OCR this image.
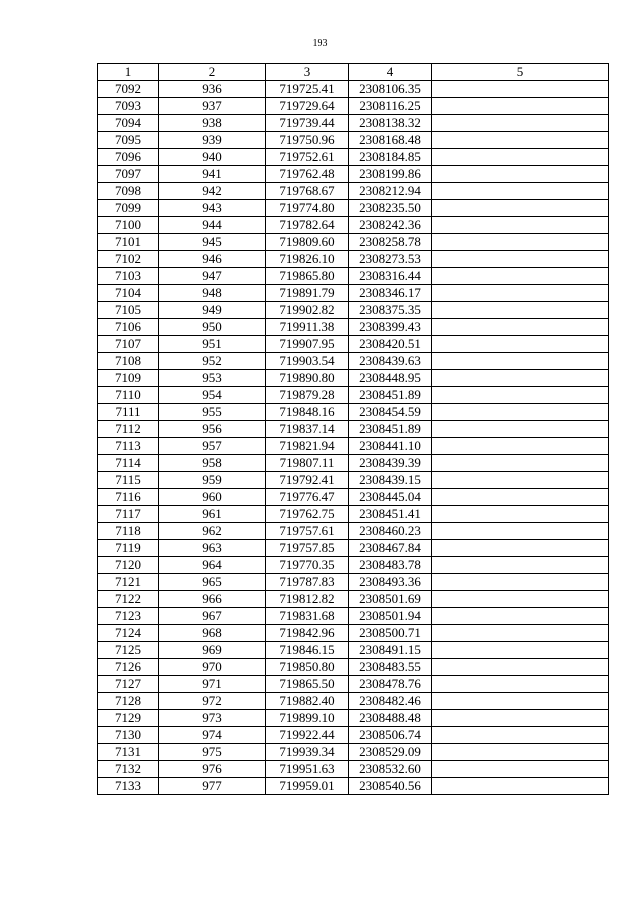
193
1	2	3	4	5
7092	936	719725.41	2308106.35	
7093	937	719729.64	2308116.25	
7094	938	719739.44	2308138.32	
7095	939	719750.96	2308168.48	
7096	940	719752.61	2308184.85	
7097	941	719762.48	2308199.86	
7098	942	719768.67	2308212.94	
7099	943	719774.80	2308235.50	
7100	944	719782.64	2308242.36	
7101	945	719809.60	2308258.78	
7102	946	719826.10	2308273.53	
7103	947	719865.80	2308316.44	
7104	948	719891.79	2308346.17	
7105	949	719902.82	2308375.35	
7106	950	719911.38	2308399.43	
7107	951	719907.95	2308420.51	
7108	952	719903.54	2308439.63	
7109	953	719890.80	2308448.95	
7110	954	719879.28	2308451.89	
7111	955	719848.16	2308454.59	
7112	956	719837.14	2308451.89	
7113	957	719821.94	2308441.10	
7114	958	719807.11	2308439.39	
7115	959	719792.41	2308439.15	
7116	960	719776.47	2308445.04	
7117	961	719762.75	2308451.41	
7118	962	719757.61	2308460.23	
7119	963	719757.85	2308467.84	
7120	964	719770.35	2308483.78	
7121	965	719787.83	2308493.36	
7122	966	719812.82	2308501.69	
7123	967	719831.68	2308501.94	
7124	968	719842.96	2308500.71	
7125	969	719846.15	2308491.15	
7126	970	719850.80	2308483.55	
7127	971	719865.50	2308478.76	
7128	972	719882.40	2308482.46	
7129	973	719899.10	2308488.48	
7130	974	719922.44	2308506.74	
7131	975	719939.34	2308529.09	
7132	976	719951.63	2308532.60	
7133	977	719959.01	2308540.56	
